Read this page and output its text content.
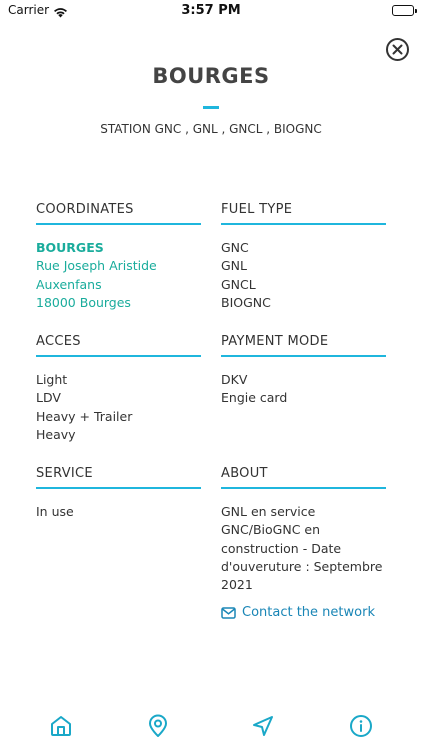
Carrier	3:57 PM
BOURGES
STATION GNC , GNL , GNCL , BIOGNC
COORDINATES
BOURGES
Rue Joseph Aristide
Auxenfans
18000 Bourges
FUEL TYPE
GNC
GNL
GNCL
BIOGNC
ACCES
Light
LDV
Heavy + Trailer
Heavy
PAYMENT MODE
DKV
Engie card
SERVICE
In use
ABOUT
GNL en service
GNC/BioGNC en
construction - Date
d'ouveruture : Septembre
2021
Contact the network
